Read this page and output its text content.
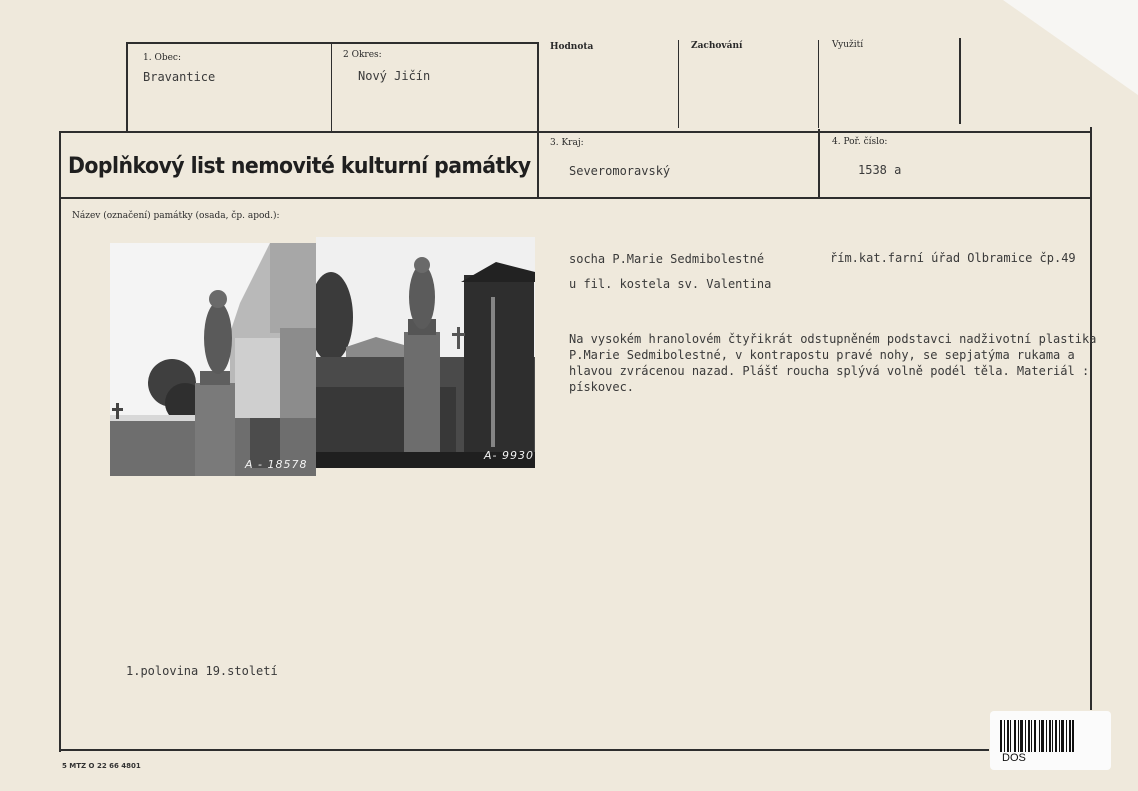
1. Obec:
Bravantice
2 Okres:
Nový Jičín
Hodnota	Zachování	Využití
Doplňkový list nemovité kulturní památky
3. Kraj:
Severomoravský
4. Poř. číslo:
1538 a
Název (označení) památky (osada, čp. apod.):
A - 18578
A- 9930
socha P.Marie Sedmibolestné
u fil. kostela sv. Valentina
řím.kat.farní úřad Olbramice čp.49
Na vysokém hranolovém čtyřikrát odstupněném podstavci nadživotní plastika
P.Marie Sedmibolestné, v kontrapostu pravé nohy, se sepjatýma rukama a
hlavou zvrácenou nazad. Plášť roucha splývá volně podél těla. Materiál :
pískovec.
1.polovina 19.století
5 MTZ O 22 66 4801
DOS
